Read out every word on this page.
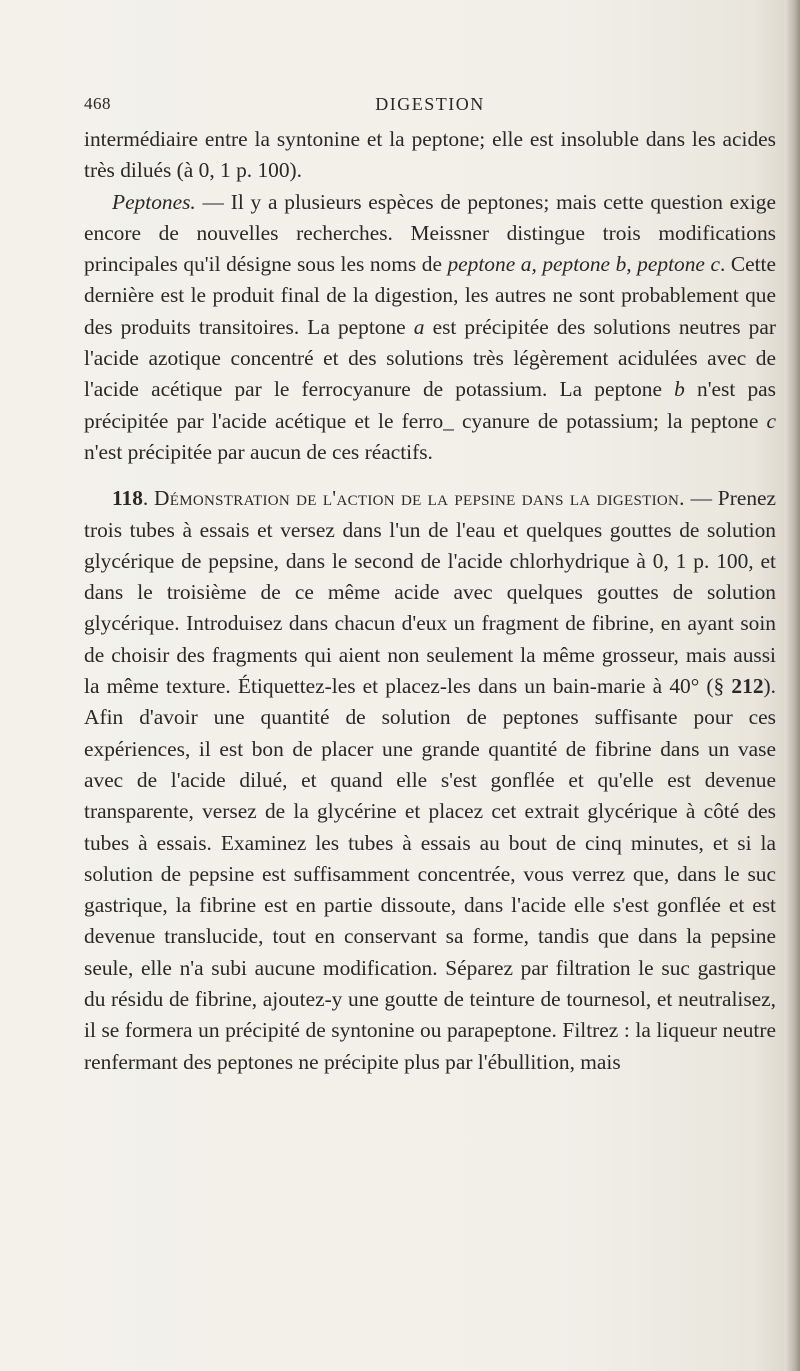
468	DIGESTION

intermédiaire entre la syntonine et la peptone; elle est insoluble dans les acides très dilués (à 0, 1 p. 100).

Peptones. — Il y a plusieurs espèces de peptones; mais cette question exige encore de nouvelles recherches. Meissner distingue trois modifications principales qu'il désigne sous les noms de peptone a, peptone b, peptone c. Cette dernière est le produit final de la digestion, les autres ne sont probablement que des produits transitoires. La peptone a est précipitée des solutions neutres par l'acide azotique concentré et des solutions très légèrement acidulées avec de l'acide acétique par le ferrocyanure de potassium. La peptone b n'est pas précipitée par l'acide acétique et le ferro_ cyanure de potassium; la peptone c n'est précipitée par aucun de ces réactifs.

118. Démonstration de l'action de la pepsine dans la digestion. — Prenez trois tubes à essais et versez dans l'un de l'eau et quelques gouttes de solution glycérique de pepsine, dans le second de l'acide chlorhydrique à 0, 1 p. 100, et dans le troisième de ce même acide avec quelques gouttes de solution glycérique. Introduisez dans chacun d'eux un fragment de fibrine, en ayant soin de choisir des fragments qui aient non seulement la même grosseur, mais aussi la même texture. Étiquettez-les et placez-les dans un bain-marie à 40° (§ 212). Afin d'avoir une quantité de solution de peptones suffisante pour ces expériences, il est bon de placer une grande quantité de fibrine dans un vase avec de l'acide dilué, et quand elle s'est gonflée et qu'elle est devenue transparente, versez de la glycérine et placez cet extrait glycérique à côté des tubes à essais. Examinez les tubes à essais au bout de cinq minutes, et si la solution de pepsine est suffisamment concentrée, vous verrez que, dans le suc gastrique, la fibrine est en partie dissoute, dans l'acide elle s'est gonflée et est devenue translucide, tout en conservant sa forme, tandis que dans la pepsine seule, elle n'a subi aucune modification. Séparez par filtration le suc gastrique du résidu de fibrine, ajoutez-y une goutte de teinture de tournesol, et neutralisez, il se formera un précipité de syntonine ou parapeptone. Filtrez : la liqueur neutre renfermant des peptones ne précipite plus par l'ébullition, mais
